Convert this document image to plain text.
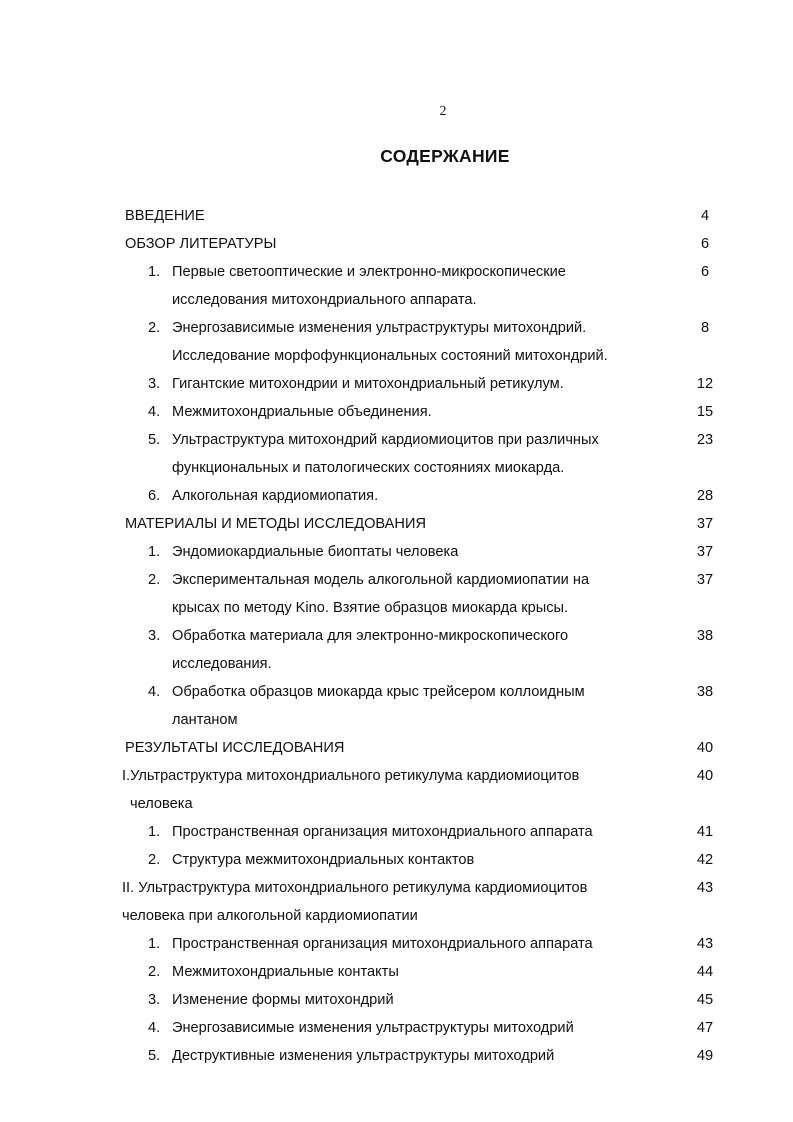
2
СОДЕРЖАНИЕ
ВВЕДЕНИЕ	4
ОБЗОР ЛИТЕРАТУРЫ	6
1. Первые светооптические и электронно-микроскопические	6
исследования митохондриального аппарата.
2. Энергозависимые изменения ультраструктуры митохондрий.	8
Исследование морфофункциональных состояний митохондрий.
3. Гигантские митохондрии и митохондриальный ретикулум.	12
4. Межмитохондриальные объединения.	15
5. Ультраструктура митохондрий кардиомиоцитов при различных	23
функциональных и патологических состояниях миокарда.
6. Алкогольная кардиомиопатия.	28
МАТЕРИАЛЫ И МЕТОДЫ ИССЛЕДОВАНИЯ	37
1. Эндомиокардиальные биоптаты человека	37
2. Экспериментальная модель алкогольной кардиомиопатии на	37
крысах по методу Kino. Взятие образцов миокарда крысы.
3. Обработка материала для электронно-микроскопического	38
исследования.
4. Обработка образцов миокарда крыс трейсером коллоидным	38
лантаном
РЕЗУЛЬТАТЫ ИССЛЕДОВАНИЯ	40
I.Ультраструктура митохондриального ретикулума кардиомиоцитов	40
человека
1. Пространственная организация митохондриального аппарата	41
2. Структура межмитохондриальных контактов	42
II. Ультраструктура митохондриального ретикулума кардиомиоцитов	43
человека при алкогольной кардиомиопатии
1. Пространственная организация митохондриального аппарата	43
2. Межмитохондриальные контакты	44
3. Изменение формы митохондрий	45
4. Энергозависимые изменения ультраструктуры митоходрий	47
5. Деструктивные изменения ультраструктуры митоходрий	49
